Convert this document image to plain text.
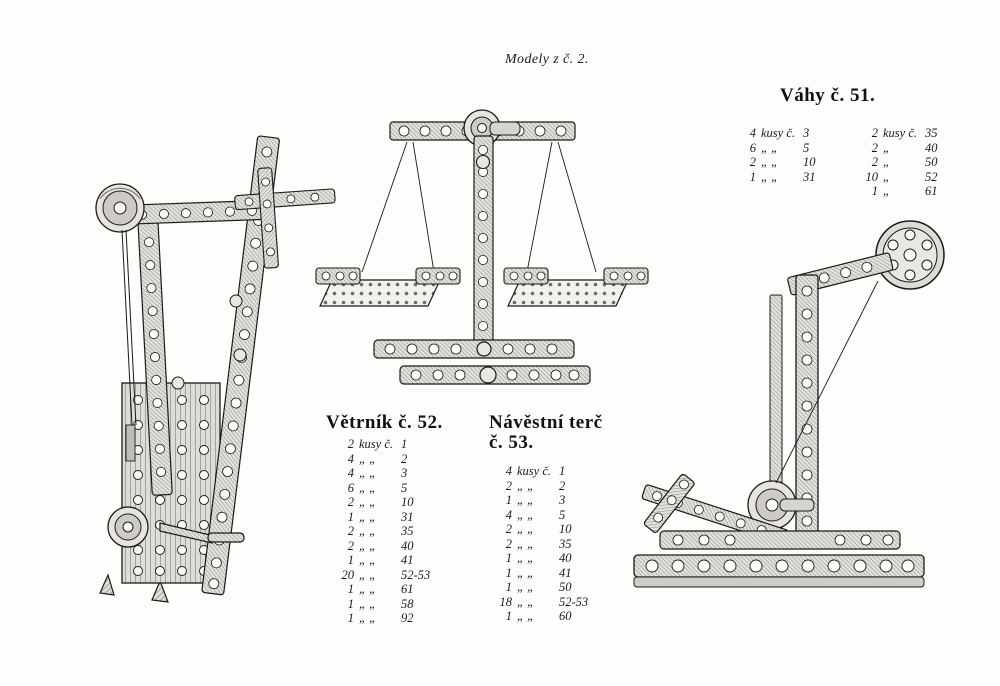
Modely z č. 2.
Váhy č. 51.
Větrník č. 52. Návěstní terč
č. 53.
4 kusy č. 3
6 „ „	5
2 „ „	10
1 „ „	31
2 kusy č. 35
2 „	40
2 „	50
10 „	52
1 „	61
2 kusy č. 1
4 „ „	2
4 „ „	3
6 „ „	5
2 „ „	10
1 „ „	31
2 „ „	35
2 „ „	40
1 „ „	41
20 „ „	52-53
1 „ „	61
1 „ „	58
1 „ „	92
4 kusy č. 1
2 „ „	2
1 „ „	3
4 „ „	5
2 „ „	10
2 „ „	35
1 „ „	40
1 „ „	41
1 „ „	50
18 „ „	52-53
1 „ „	60
